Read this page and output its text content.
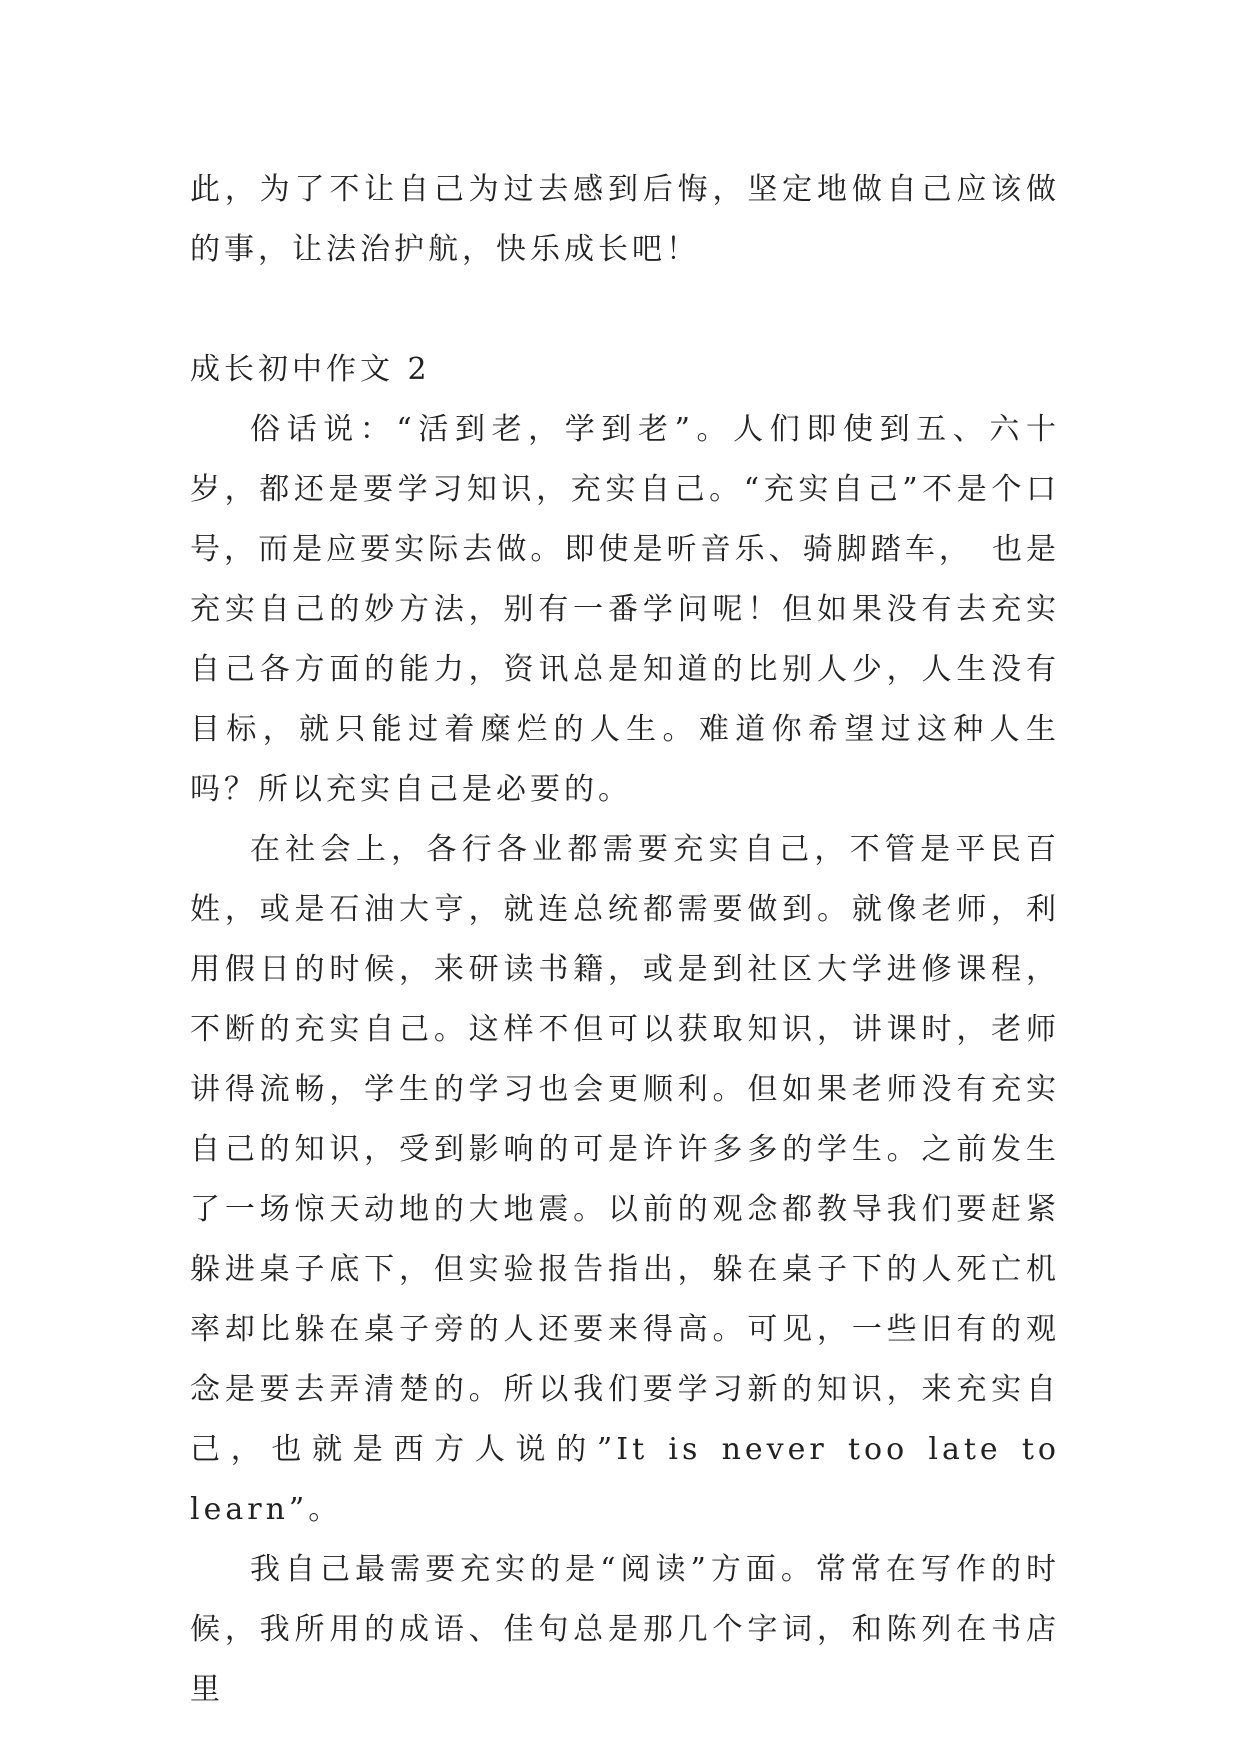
此，为了不让自己为过去感到后悔，坚定地做自己应该做的事，让法治护航，快乐成长吧！

成长初中作文 2

俗话说：“活到老，学到老”。人们即使到五、六十岁，都还是要学习知识，充实自己。“充实自己”不是个口号，而是应要实际去做。即使是听音乐、骑脚踏车，　也是充实自己的妙方法，别有一番学问呢！但如果没有去充实自己各方面的能力，资讯总是知道的比别人少，人生没有目标，就只能过着糜烂的人生。难道你希望过这种人生吗？所以充实自己是必要的。

在社会上，各行各业都需要充实自己，不管是平民百姓，或是石油大亨，就连总统都需要做到。就像老师，利用假日的时候，来研读书籍，或是到社区大学进修课程，不断的充实自己。这样不但可以获取知识，讲课时，老师讲得流畅，学生的学习也会更顺利。但如果老师没有充实自己的知识，受到影响的可是许许多多的学生。之前发生了一场惊天动地的大地震。以前的观念都教导我们要赶紧躲进桌子底下，但实验报告指出，躲在桌子下的人死亡机率却比躲在桌子旁的人还要来得高。可见，一些旧有的观念是要去弄清楚的。所以我们要学习新的知识，来充实自己，也就是西方人说的”It is never too late to learn”。

我自己最需要充实的是“阅读”方面。常常在写作的时候，我所用的成语、佳句总是那几个字词，和陈列在书店里
